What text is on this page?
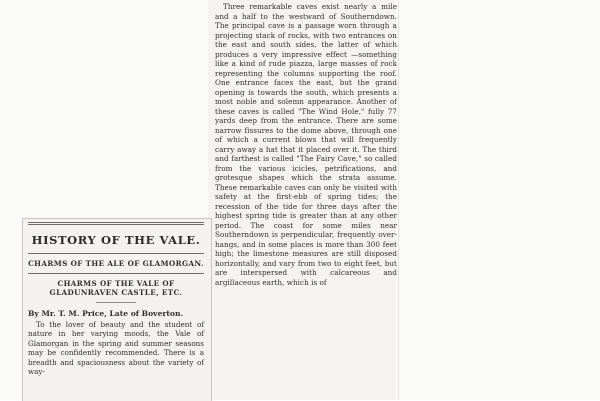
Three remarkable caves exist nearly a mile and a half to the westward of Southerndown. The principal cave is a passage worn through a projecting stack of rocks, with two entrances on the east and south sides, the latter of which produces a very impressive effect —something like a kind of rude piazza, large masses of rock representing the columns supporting the roof. One entrance faces the east, but the grand opening is towards the south, which presents a most noble and solemn appearance. Another of these caves is called "The Wind Hole," fully 77 yards deep from the entrance. There are some narrow fissures to the dome above, through one of which a current blows that will frequently carry away a hat that it placed over it. The third and farthest is called "The Fairy Cave," so called from the various icicles, petrifications, and grotesque shapes which the strata assume. These remarkable caves can only be visited with safety at the first-ebb of spring tides; the recession of the tide for three days after the highest spring tide is greater than at any other period. The coast for some miles near Southerndown is perpendicular, frequently over-hangs, and in some places is more than 300 feet high; the limestone measures are still disposed horizontally, and vary from two to eight feet, but are interspersed with calcareous and argillaceous earth, which is of

HISTORY OF THE VALE.
CHARMS OF THE ALE OF GLAMORGAN.
CHARMS OF THE VALE OF GLADUNRAVEN CASTLE, ETC.
By Mr. T. M. Price, Late of Boverton.

To the lover of beauty and the student of nature in her varying moods, the Vale of Glamorgan in the spring and summer seasons may be confidently recommended. There is a breadth and spaciousness about the variety of way-
